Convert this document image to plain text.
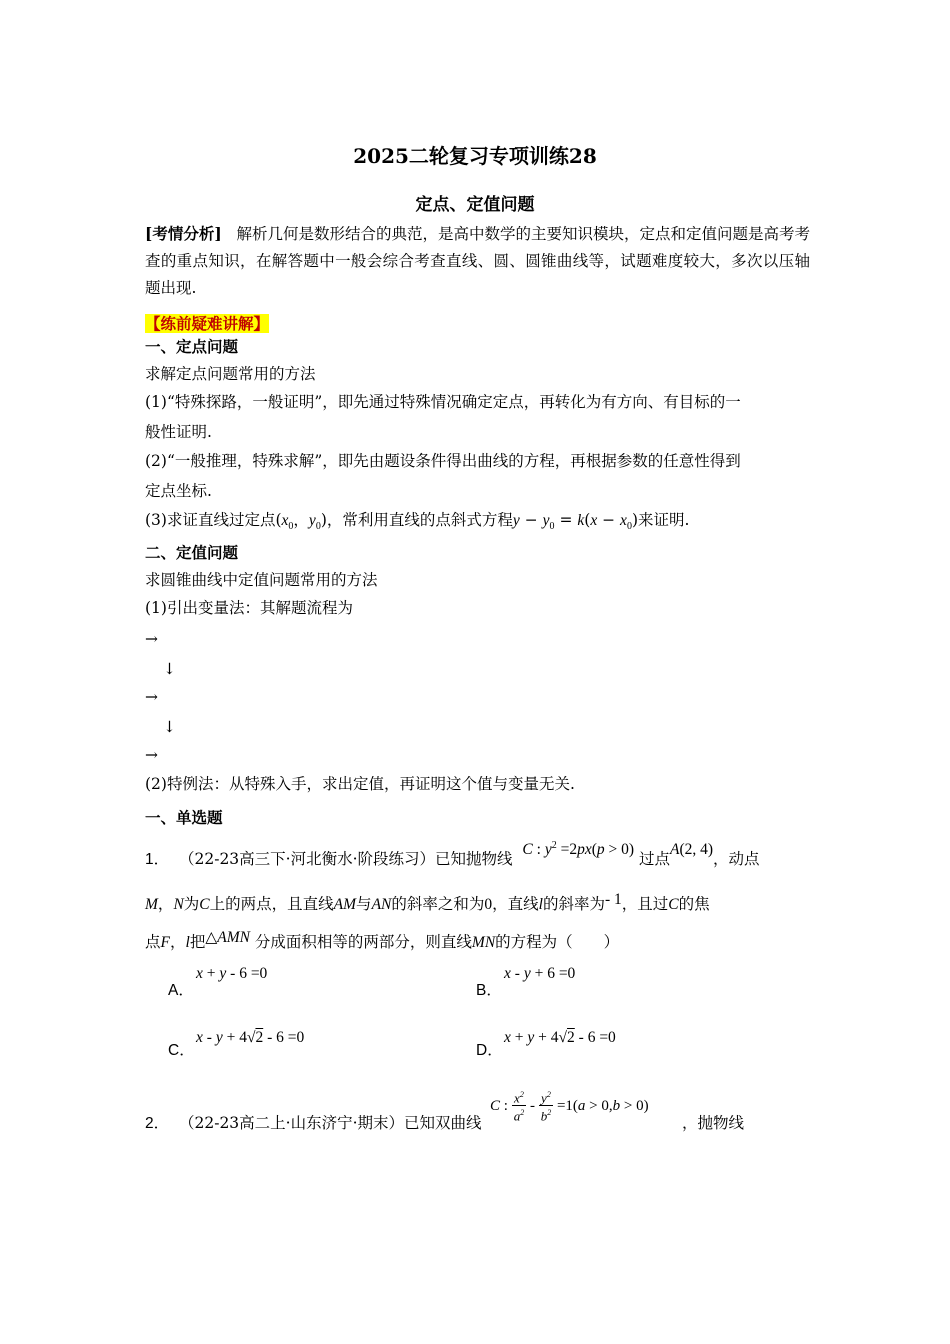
2025二轮复习专项训练28
定点、定值问题
[考情分析] 解析几何是数形结合的典范，是高中数学的主要知识模块，定点和定值问题是高考考查的重点知识，在解答题中一般会综合考查直线、圆、圆锥曲线等，试题难度较大，多次以压轴题出现.
【练前疑难讲解】
一、定点问题
求解定点问题常用的方法
(1)“特殊探路，一般证明”，即先通过特殊情况确定定点，再转化为有方向、有目标的一
般性证明.
(2)“一般推理，特殊求解”，即先由题设条件得出曲线的方程，再根据参数的任意性得到
定点坐标.
(3)求证直线过定点($x_0$，$y_0$)，常利用直线的点斜式方程$y - y_0 = k(x - x_0)$来证明.
二、定值问题
求圆锥曲线中定值问题常用的方法
(1)引出变量法：其解题流程为
→
↓
→
↓
→
(2)特例法：从特殊入手，求出定值，再证明这个值与变量无关.
一、单选题
1． （22-23高三下·河北衡水·阶段练习）已知抛物线  C : $y^2 =2px(p > 0)$ 过点A(2, 4)，动点
M，N为C上的两点，且直线AM与AN的斜率之和为0，直线l的斜率为- 1，且过C的焦
点F，l把△AMN 分成面积相等的两部分，则直线MN的方程为（　　）
A．
x + y - 6 =0
B．
x - y + 6 =0
C．
x - y + 4√2 - 6 =0
D．
x + y + 4√2 - 6 =0
2． （22-23高二上·山东济宁·期末）已知双曲线
C : $\frac{x^2}{a^2} - \frac{y^2}{b^2} =1(a > 0,b > 0)$
，抛物线
